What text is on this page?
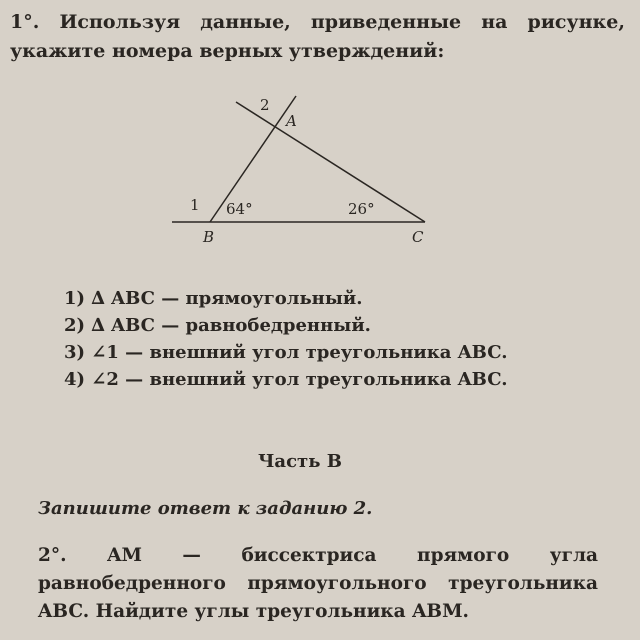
1°. Используя данные, приведенные на рисунке, укажите номера верных утверждений:

2
A
1 64°	26°
B	C

1) ∆ ABC — прямоугольный.

2) ∆ ABC — равнобедренный.

3) ∠1 — внешний угол треугольника ABC.

4) ∠2 — внешний угол треугольника ABC.

Часть B

Запишите ответ к заданию 2.

2°. AM — биссектриса прямого угла равнобедренного прямоугольного треугольника ABC. Найдите углы треугольника ABM.
